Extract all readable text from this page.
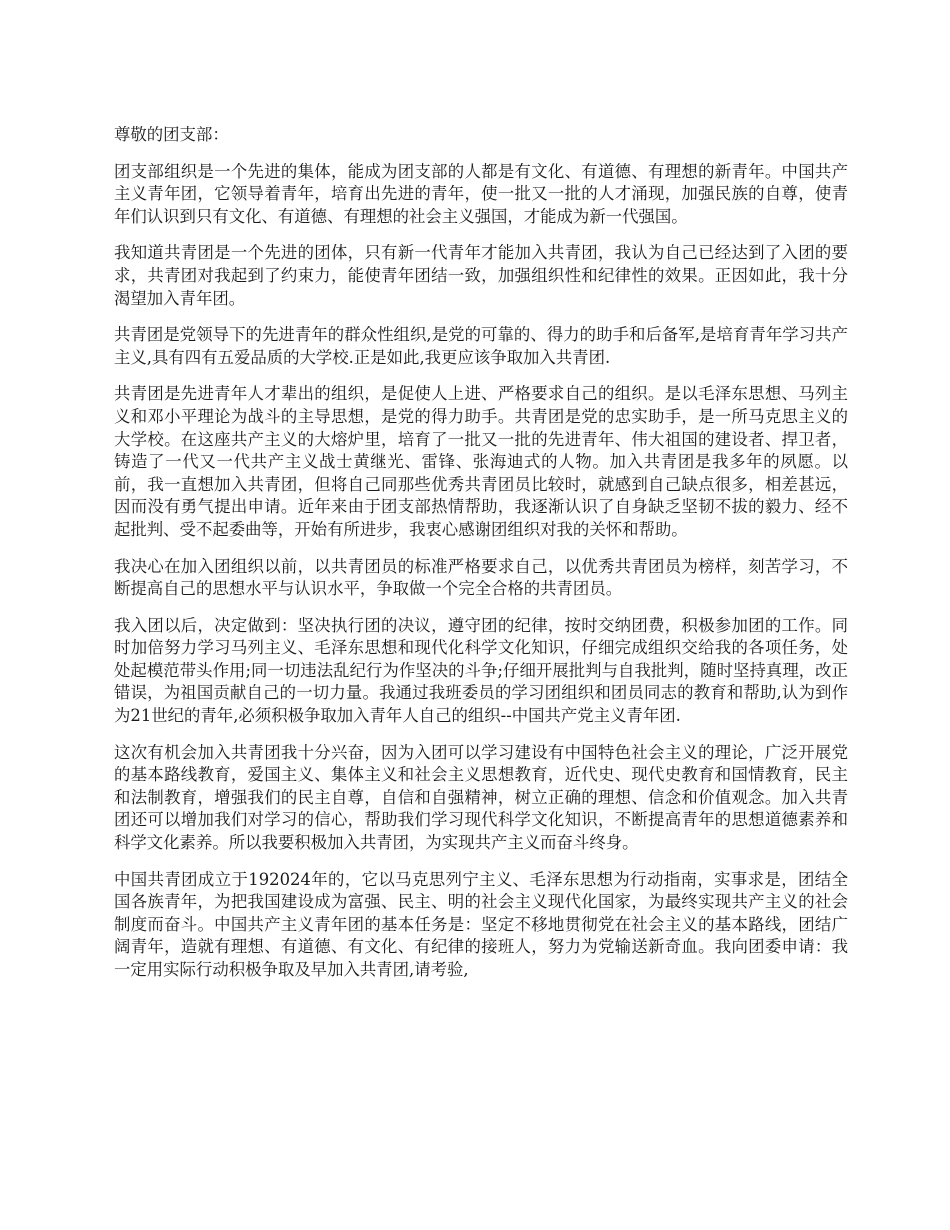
尊敬的团支部：

团支部组织是一个先进的集体，能成为团支部的人都是有文化、有道德、有理想的新青年。中国共产主义青年团，它领导着青年，培育出先进的青年，使一批又一批的人才涌现，加强民族的自尊，使青年们认识到只有文化、有道德、有理想的社会主义强国，才能成为新一代强国。

我知道共青团是一个先进的团体，只有新一代青年才能加入共青团，我认为自己已经达到了入团的要求，共青团对我起到了约束力，能使青年团结一致，加强组织性和纪律性的效果。正因如此，我十分渴望加入青年团。

共青团是党领导下的先进青年的群众性组织,是党的可靠的、得力的助手和后备军,是培育青年学习共产主义,具有四有五爱品质的大学校.正是如此,我更应该争取加入共青团.

共青团是先进青年人才辈出的组织，是促使人上进、严格要求自己的组织。是以毛泽东思想、马列主义和邓小平理论为战斗的主导思想，是党的得力助手。共青团是党的忠实助手，是一所马克思主义的大学校。在这座共产主义的大熔炉里，培育了一批又一批的先进青年、伟大祖国的建设者、捍卫者，铸造了一代又一代共产主义战士黄继光、雷锋、张海迪式的人物。加入共青团是我多年的夙愿。以前，我一直想加入共青团，但将自己同那些优秀共青团员比较时，就感到自己缺点很多，相差甚远，因而没有勇气提出申请。近年来由于团支部热情帮助，我逐渐认识了自身缺乏坚韧不拔的毅力、经不起批判、受不起委曲等，开始有所进步，我衷心感谢团组织对我的关怀和帮助。

我决心在加入团组织以前，以共青团员的标准严格要求自己，以优秀共青团员为榜样，刻苦学习，不断提高自己的思想水平与认识水平，争取做一个完全合格的共青团员。

我入团以后，决定做到：坚决执行团的决议，遵守团的纪律，按时交纳团费，积极参加团的工作。同时加倍努力学习马列主义、毛泽东思想和现代化科学文化知识，仔细完成组织交给我的各项任务，处处起模范带头作用;同一切违法乱纪行为作坚决的斗争;仔细开展批判与自我批判，随时坚持真理，改正错误，为祖国贡献自己的一切力量。我通过我班委员的学习团组织和团员同志的教育和帮助,认为到作为21世纪的青年,必须积极争取加入青年人自己的组织--中国共产党主义青年团.

这次有机会加入共青团我十分兴奋，因为入团可以学习建设有中国特色社会主义的理论，广泛开展党的基本路线教育，爱国主义、集体主义和社会主义思想教育，近代史、现代史教育和国情教育，民主和法制教育，增强我们的民主自尊，自信和自强精神，树立正确的理想、信念和价值观念。加入共青团还可以增加我们对学习的信心，帮助我们学习现代科学文化知识，不断提高青年的思想道德素养和科学文化素养。所以我要积极加入共青团，为实现共产主义而奋斗终身。

中国共青团成立于192024年的，它以马克思列宁主义、毛泽东思想为行动指南，实事求是，团结全国各族青年，为把我国建设成为富强、民主、明的社会主义现代化国家，为最终实现共产主义的社会制度而奋斗。中国共产主义青年团的基本任务是：坚定不移地贯彻党在社会主义的基本路线，团结广阔青年，造就有理想、有道德、有文化、有纪律的接班人，努力为党输送新奇血。我向团委申请：我一定用实际行动积极争取及早加入共青团,请考验,
